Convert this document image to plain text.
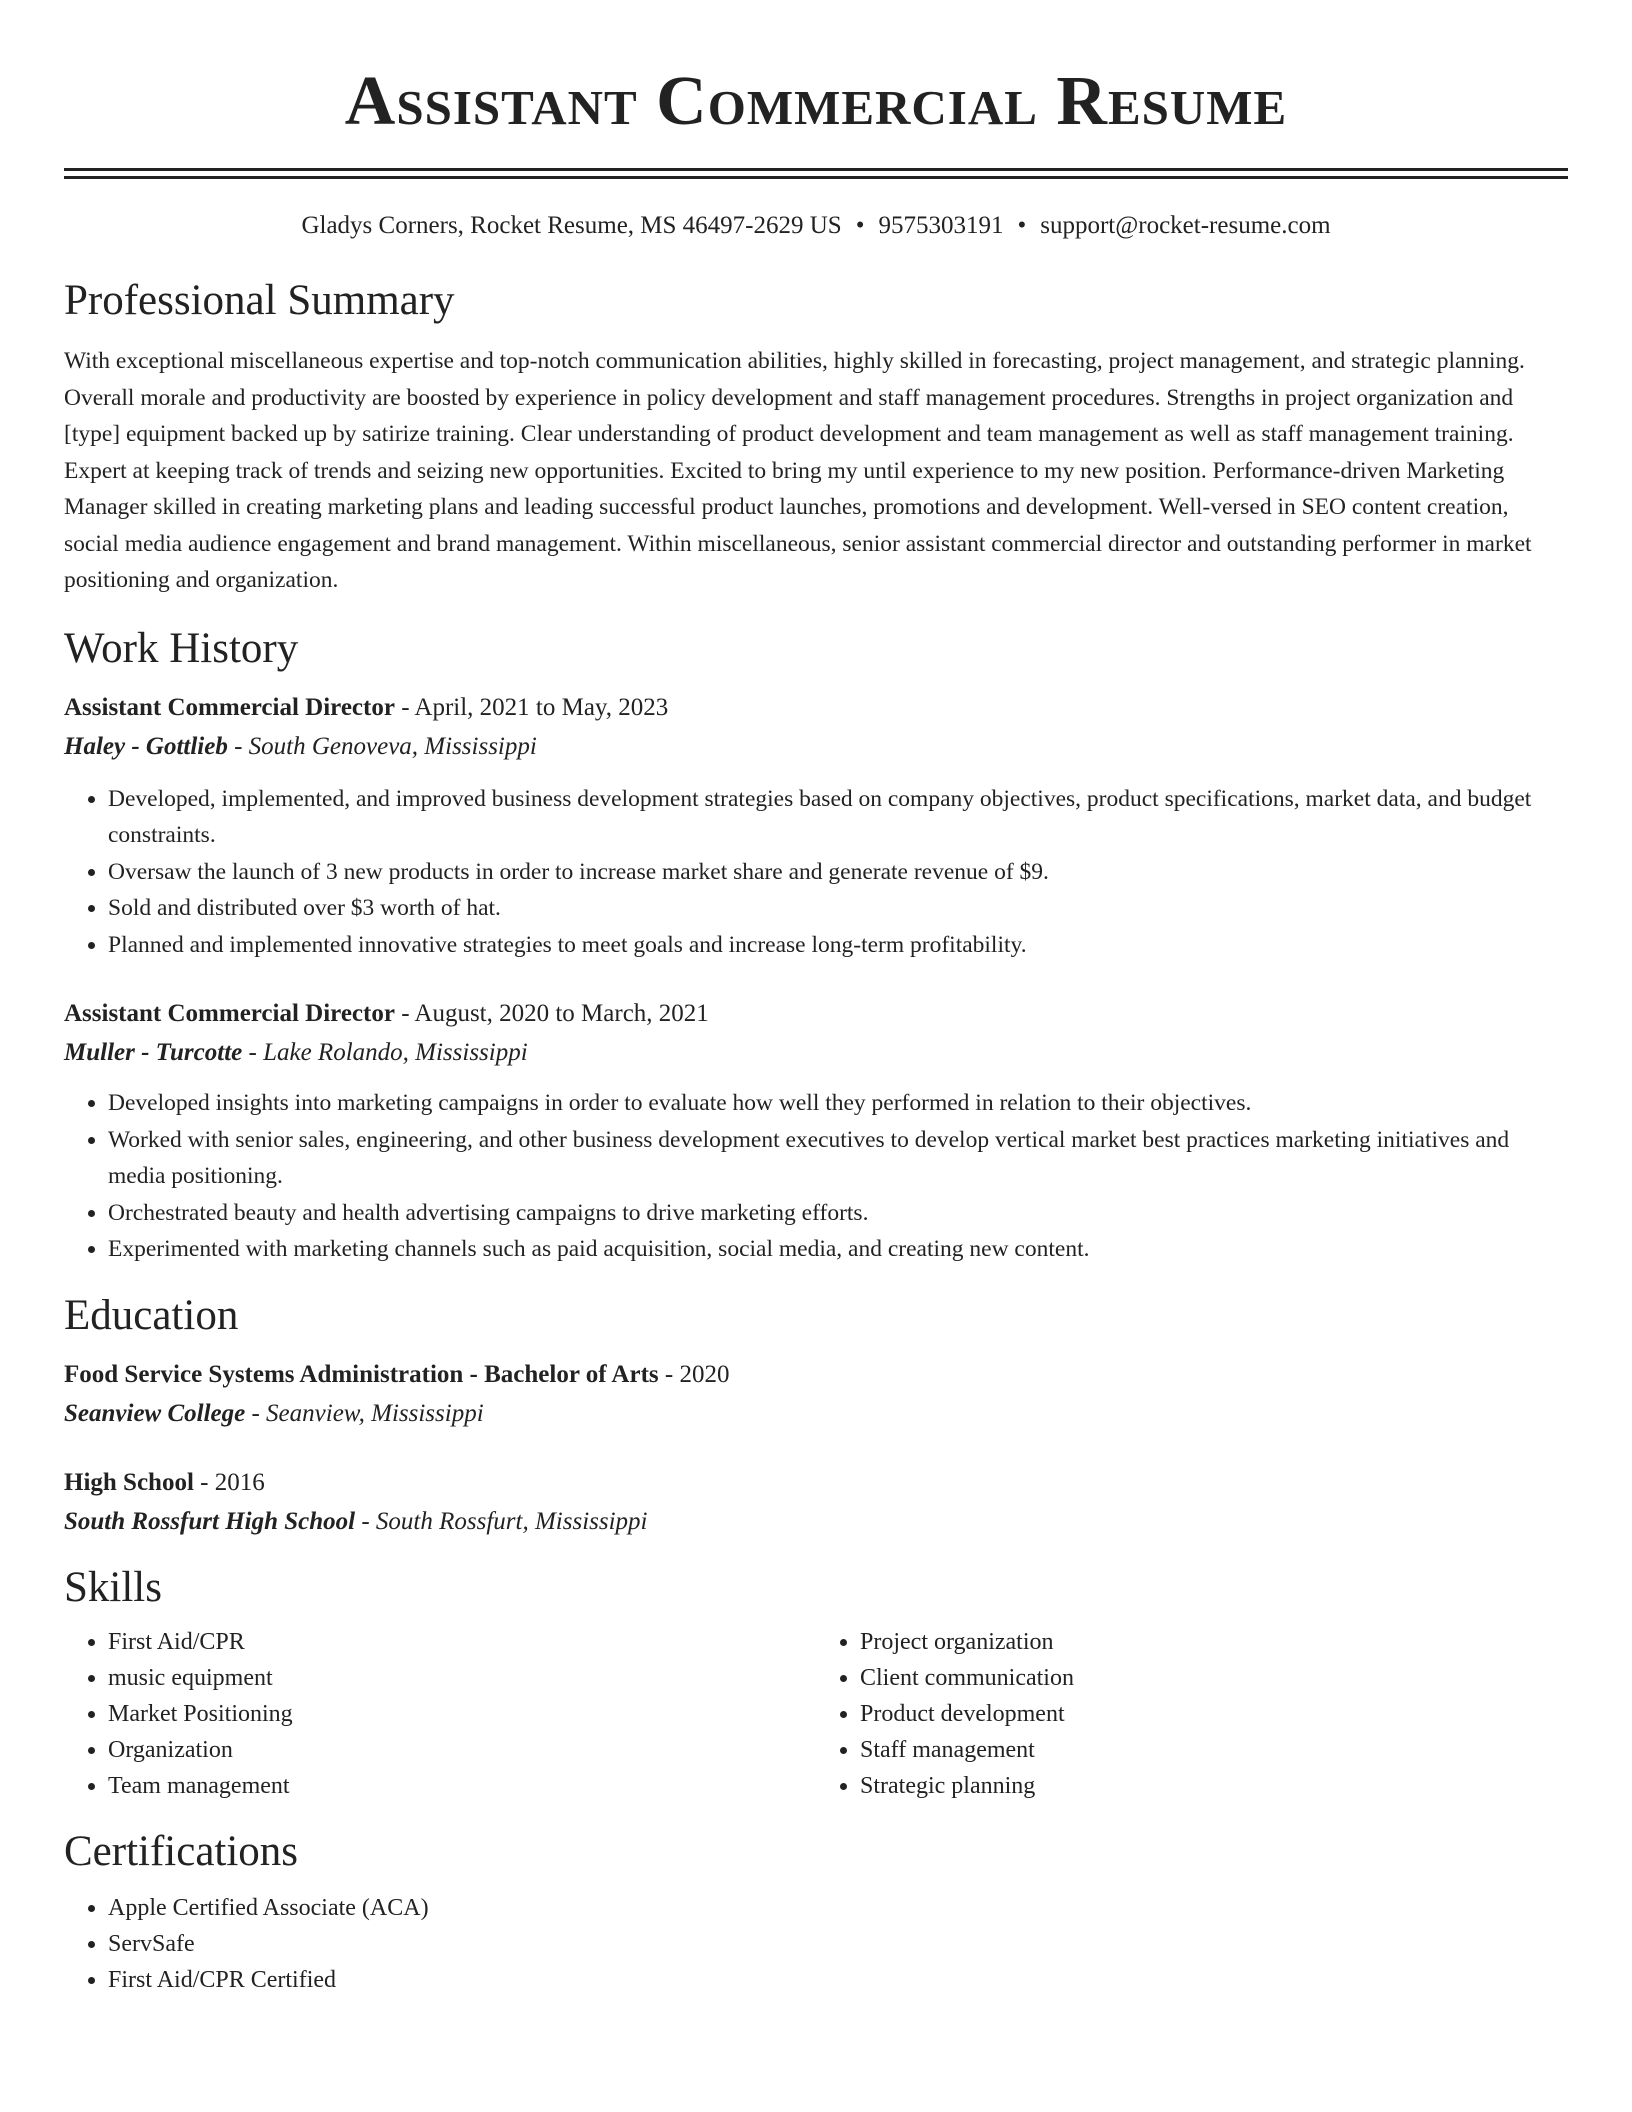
Assistant Commercial Resume
Gladys Corners, Rocket Resume, MS 46497-2629 US • 9575303191 • support@rocket-resume.com
Professional Summary

With exceptional miscellaneous expertise and top-notch communication abilities, highly skilled in forecasting, project management, and strategic planning. Overall morale and productivity are boosted by experience in policy development and staff management procedures. Strengths in project organization and [type] equipment backed up by satirize training. Clear understanding of product development and team management as well as staff management training. Expert at keeping track of trends and seizing new opportunities. Excited to bring my until experience to my new position. Performance-driven Marketing Manager skilled in creating marketing plans and leading successful product launches, promotions and development. Well-versed in SEO content creation, social media audience engagement and brand management. Within miscellaneous, senior assistant commercial director and outstanding performer in market positioning and organization.

Work History
Assistant Commercial Director - April, 2021 to May, 2023
Haley - Gottlieb - South Genoveva, Mississippi
• Developed, implemented, and improved business development strategies based on company objectives, product specifications, market data, and budget constraints.
• Oversaw the launch of 3 new products in order to increase market share and generate revenue of $9.
• Sold and distributed over $3 worth of hat.
• Planned and implemented innovative strategies to meet goals and increase long-term profitability.
Assistant Commercial Director - August, 2020 to March, 2021
Muller - Turcotte - Lake Rolando, Mississippi
• Developed insights into marketing campaigns in order to evaluate how well they performed in relation to their objectives.
• Worked with senior sales, engineering, and other business development executives to develop vertical market best practices marketing initiatives and media positioning.
• Orchestrated beauty and health advertising campaigns to drive marketing efforts.
• Experimented with marketing channels such as paid acquisition, social media, and creating new content.
Education
Food Service Systems Administration - Bachelor of Arts - 2020
Seanview College - Seanview, Mississippi
High School - 2016
South Rossfurt High School - South Rossfurt, Mississippi
Skills
• First Aid/CPR
• music equipment
• Market Positioning
• Organization
• Team management
• Project organization
• Client communication
• Product development
• Staff management
• Strategic planning
Certifications
• Apple Certified Associate (ACA)
• ServSafe
• First Aid/CPR Certified
